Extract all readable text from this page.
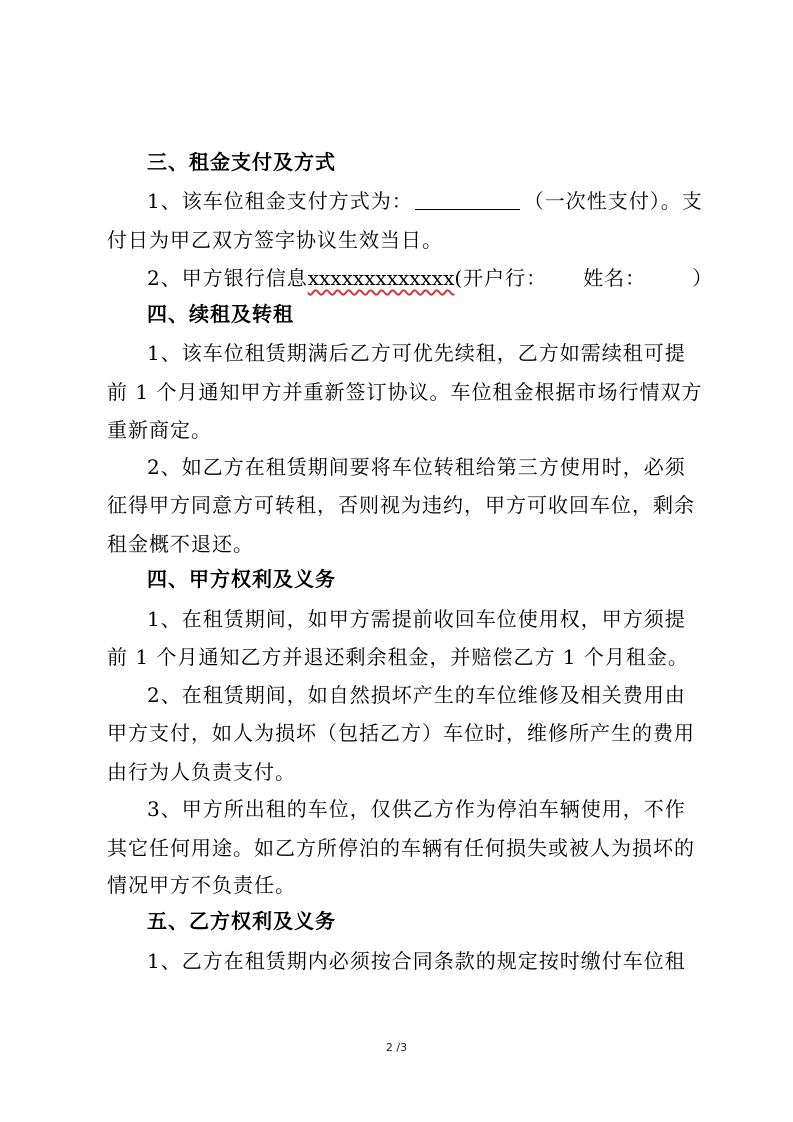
三、租金支付及方式
1、该车位租金支付方式为：	（一次性支付）。支
付日为甲乙双方签字协议生效当日。
2、甲方银行信息xxxxxxxxxxxxx(开户行： 姓名： ）
四、续租及转租
1、该车位租赁期满后乙方可优先续租，乙方如需续租可提
前 1 个月通知甲方并重新签订协议。车位租金根据市场行情双方
重新商定。
2、如乙方在租赁期间要将车位转租给第三方使用时，必须
征得甲方同意方可转租，否则视为违约，甲方可收回车位，剩余
租金概不退还。
四、甲方权利及义务
1、在租赁期间，如甲方需提前收回车位使用权，甲方须提
前 1 个月通知乙方并退还剩余租金，并赔偿乙方 1 个月租金。
2、在租赁期间，如自然损坏产生的车位维修及相关费用由
甲方支付，如人为损坏（包括乙方）车位时，维修所产生的费用
由行为人负责支付。
3、甲方所出租的车位，仅供乙方作为停泊车辆使用，不作
其它任何用途。如乙方所停泊的车辆有任何损失或被人为损坏的
情况甲方不负责任。
五、乙方权利及义务
1、乙方在租赁期内必须按合同条款的规定按时缴付车位租
2 /3
